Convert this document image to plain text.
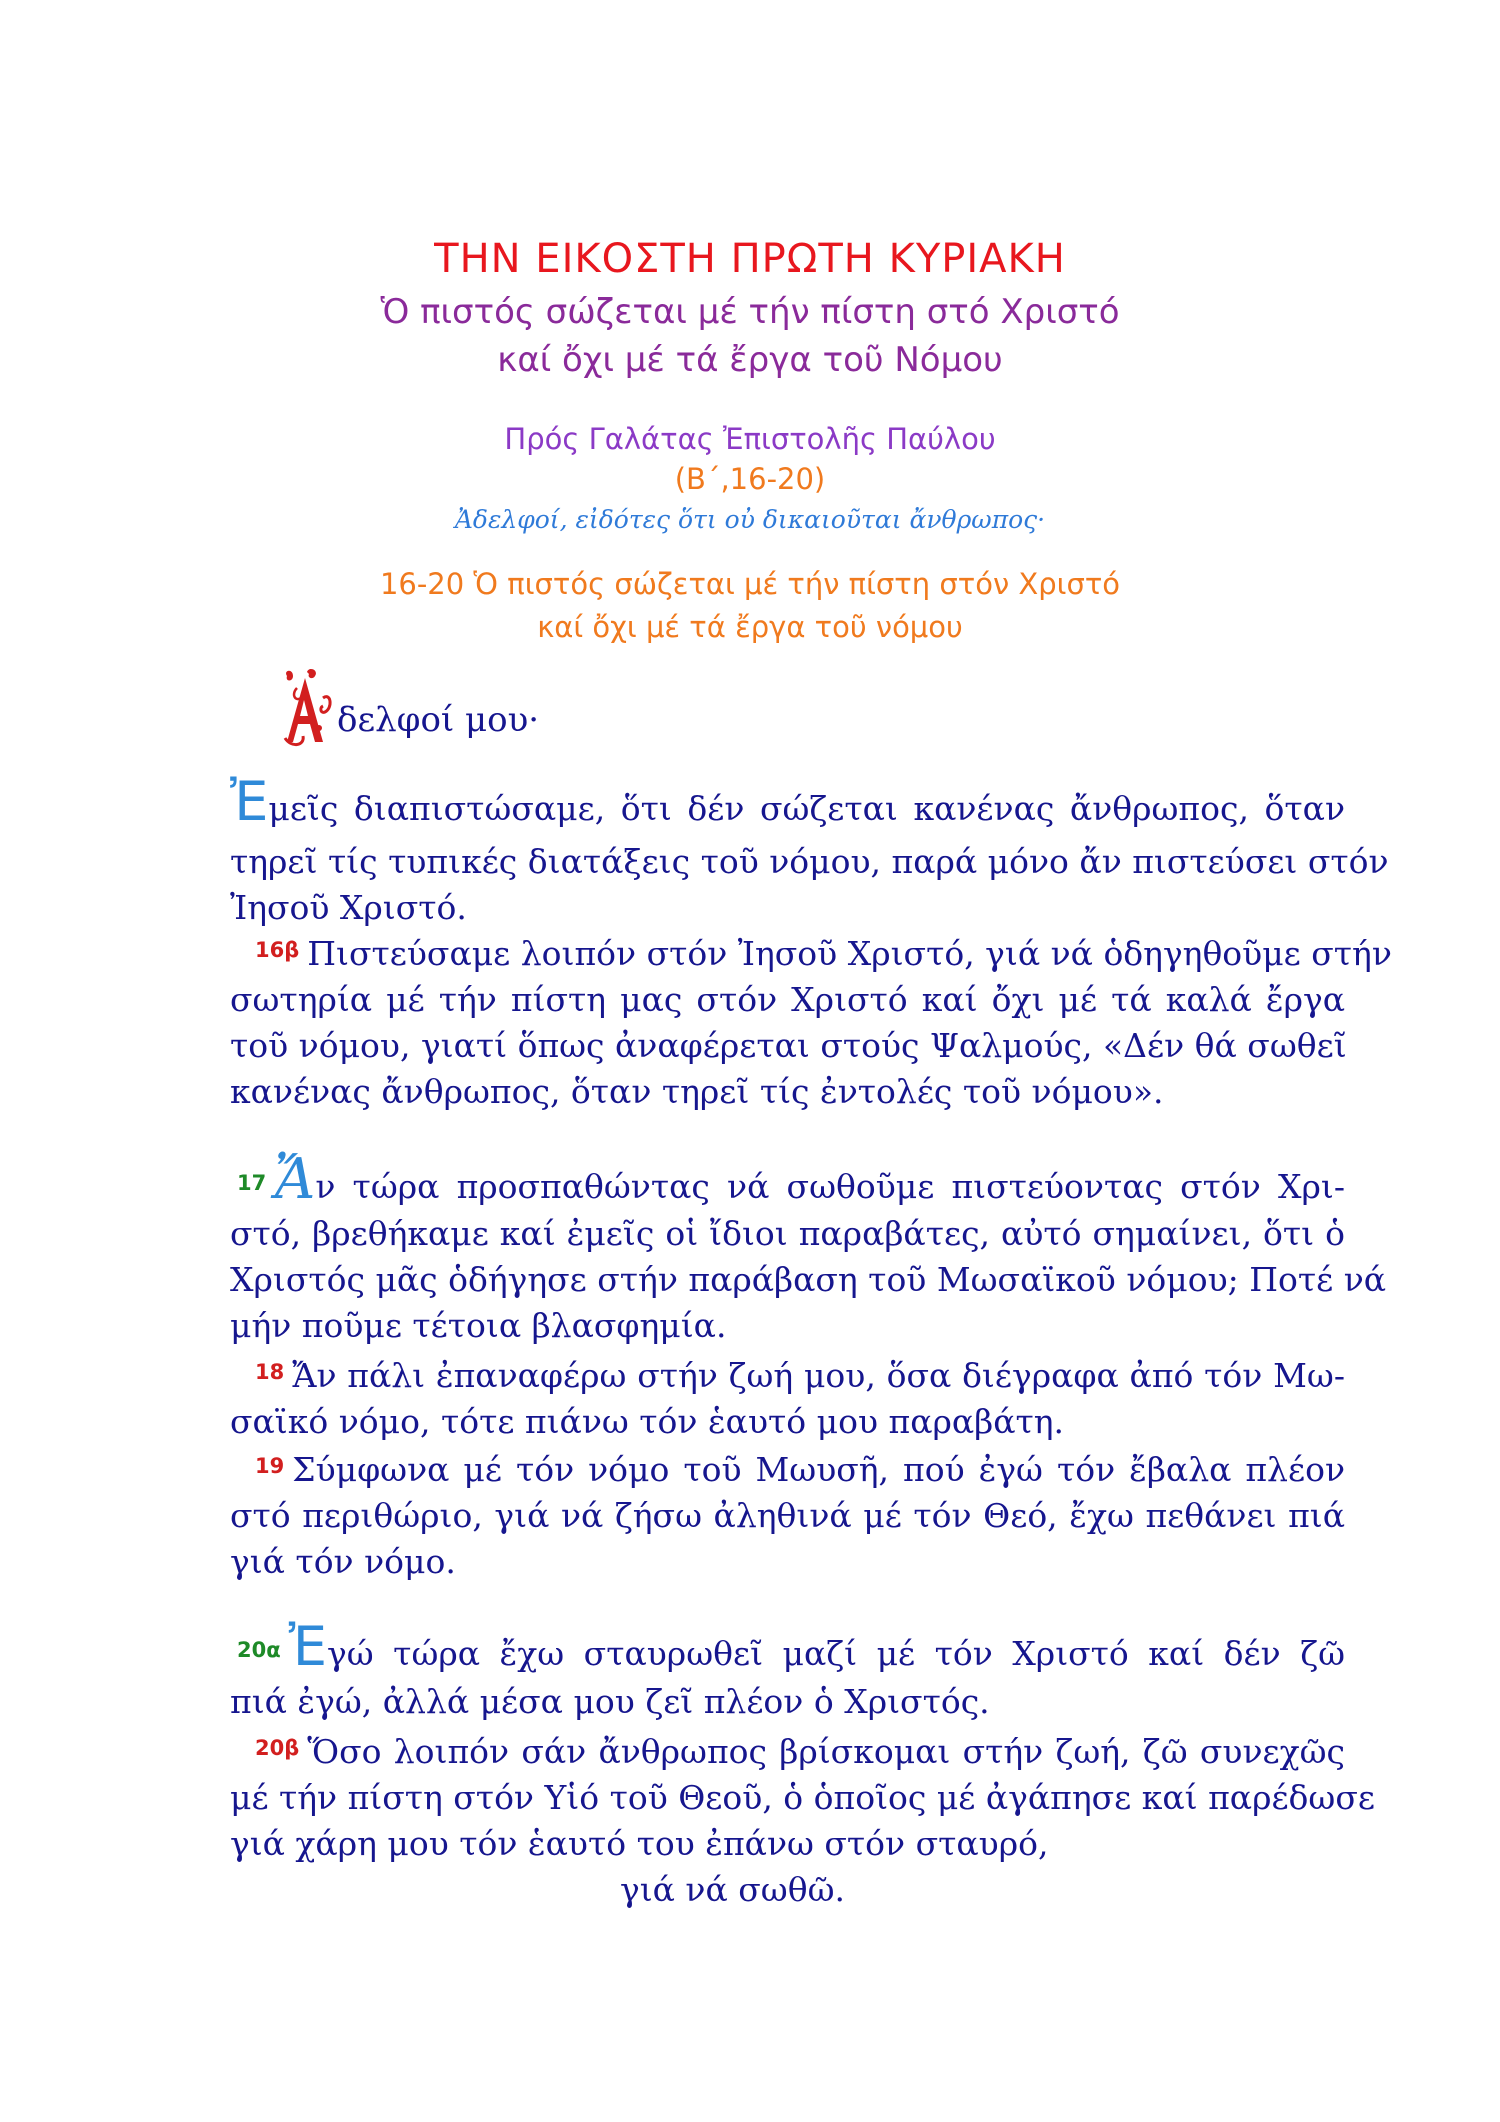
ΤΗΝ ΕΙΚΟΣΤΗ ΠΡΩΤΗ ΚΥΡΙΑΚΗ
Ὁ πιστός σώζεται μέ τήν πίστη στό Χριστό
καί ὄχι μέ τά ἔργα τοῦ Νόμου
Πρός Γαλάτας Ἐπιστολῆς Παύλου
(Β΄,16-20)
Ἀδελφοί, εἰδότες ὅτι οὐ δικαιοῦται ἄνθρωπος·
16-20 Ὁ πιστός σώζεται μέ τήν πίστη στόν Χριστό
καί ὄχι μέ τά ἔργα τοῦ νόμου
δελφοί μου·
Ἐμεῖς διαπιστώσαμε, ὅτι δέν σώζεται κανένας ἄνθρωπος, ὅταν
τηρεῖ τίς τυπικές διατάξεις τοῦ νόμου, παρά μόνο ἄν πιστεύσει στόν
Ἰησοῦ Χριστό.
$^{16\beta}$ Πιστεύσαμε λοιπόν στόν Ἰησοῦ Χριστό, γιά νά ὁδηγηθοῦμε στήν
σωτηρία μέ τήν πίστη μας στόν Χριστό καί ὄχι μέ τά καλά ἔργα
τοῦ νόμου, γιατί ὅπως ἀναφέρεται στούς Ψαλμούς, «Δέν θά σωθεῖ
κανένας ἄνθρωπος, ὅταν τηρεῖ τίς ἐντολές τοῦ νόμου».
$^{17}$ Ἄν τώρα προσπαθώντας νά σωθοῦμε πιστεύοντας στόν Χρι-
στό, βρεθήκαμε καί ἐμεῖς οἱ ἴδιοι παραβάτες, αὐτό σημαίνει, ὅτι ὁ
Χριστός μᾶς ὁδήγησε στήν παράβαση τοῦ Μωσαϊκοῦ νόμου; Ποτέ νά
μήν ποῦμε τέτοια βλασφημία.
$^{18}$ Ἄν πάλι ἐπαναφέρω στήν ζωή μου, ὅσα διέγραφα ἀπό τόν Μω-
σαϊκό νόμο, τότε πιάνω τόν ἑαυτό μου παραβάτη.
$^{19}$ Σύμφωνα μέ τόν νόμο τοῦ Μωυσῆ, πού ἐγώ τόν ἔβαλα πλέον
στό περιθώριο, γιά νά ζήσω ἀληθινά μέ τόν Θεό, ἔχω πεθάνει πιά
γιά τόν νόμο.
$^{20\alpha}$ Ἐγώ τώρα ἔχω σταυρωθεῖ μαζί μέ τόν Χριστό καί δέν ζῶ
πιά ἐγώ, ἀλλά μέσα μου ζεῖ πλέον ὁ Χριστός.
$^{20\beta}$ Ὅσο λοιπόν σάν ἄνθρωπος βρίσκομαι στήν ζωή, ζῶ συνεχῶς
μέ τήν πίστη στόν Υἱό τοῦ Θεοῦ, ὁ ὁποῖος μέ ἀγάπησε καί παρέδωσε
γιά χάρη μου τόν ἑαυτό του ἐπάνω στόν σταυρό,
γιά νά σωθῶ.
